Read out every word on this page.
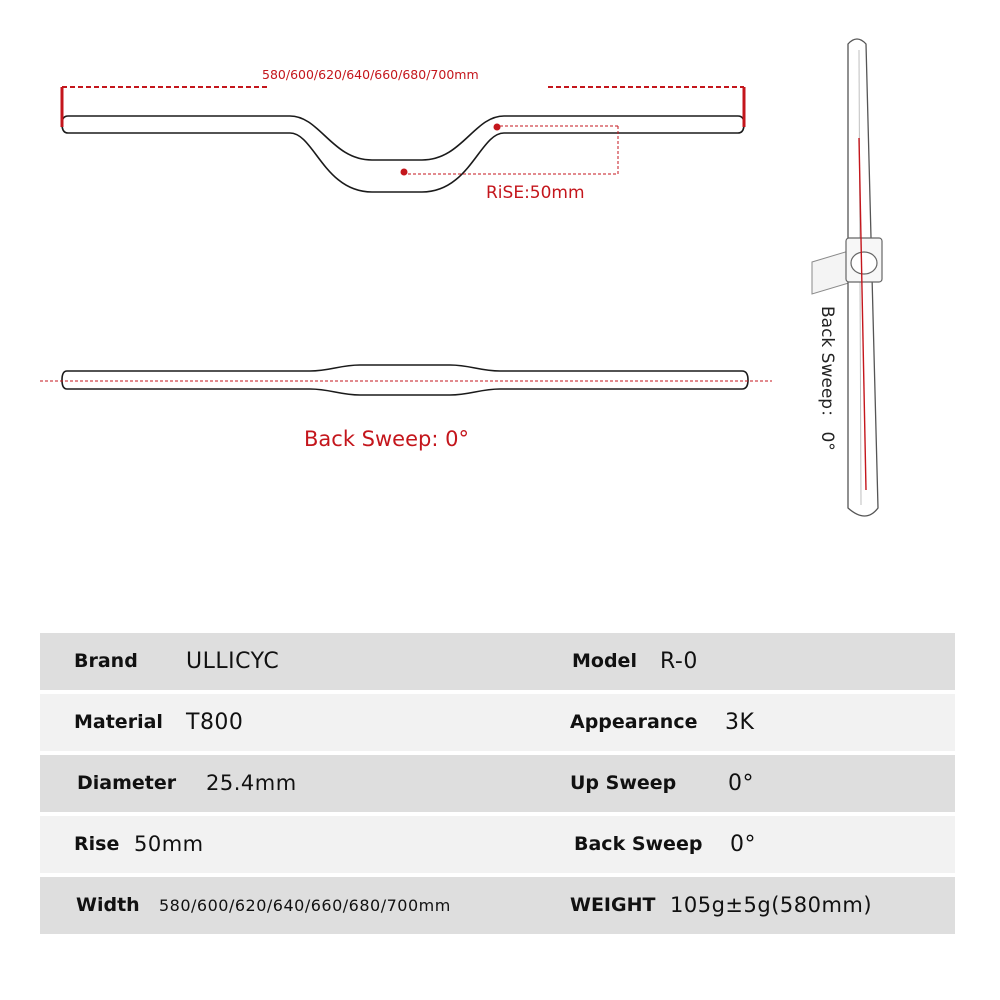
580/600/620/640/660/680/700mm
RiSE:50mm
Back Sweep: 0°	Back Sweep： 0°
Brand ULLICYC	Model R-0
Material T800	Appearance 3K
Diameter 25.4mm	Up Sweep 0°
Rise 50mm	Back Sweep 0°
Width 580/600/620/640/660/680/700mm	WEIGHT 105g±5g(580mm)
